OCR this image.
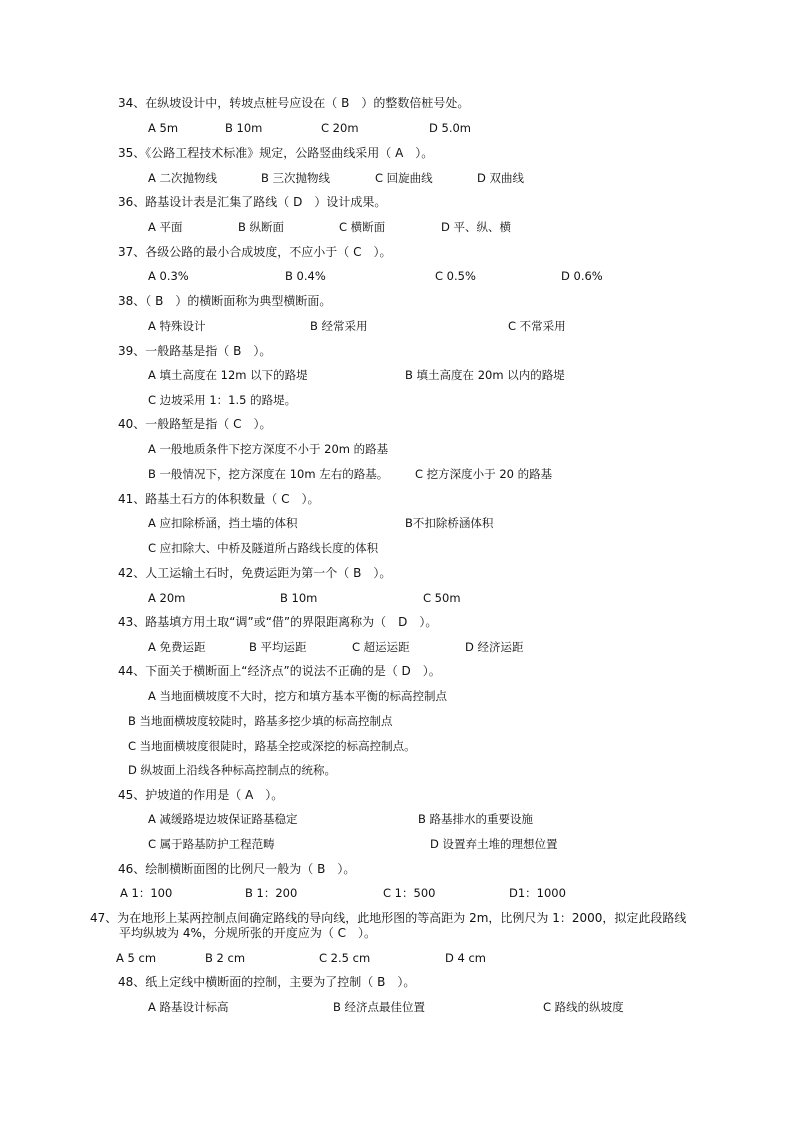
34、在纵坡设计中，转坡点桩号应设在（ B　）的整数倍桩号处。
A 5m	B 10m	C 20m	D 5.0m
35、《公路工程技术标准》规定，公路竖曲线采用（ A　）。
A 二次抛物线	B 三次抛物线	C 回旋曲线	D 双曲线
36、路基设计表是汇集了路线（ D　）设计成果。
A 平面	B 纵断面	C 横断面	D 平、纵、横
37、各级公路的最小合成坡度，不应小于（ C　）。
A 0.3%	B 0.4%	C 0.5%	D 0.6%
38、（ B　）的横断面称为典型横断面。
A 特殊设计	B 经常采用	C 不常采用
39、一般路基是指（ B　）。
A 填土高度在 12m 以下的路堤	B 填土高度在 20m 以内的路堤
C 边坡采用 1：1.5 的路堤。
40、一般路堑是指（ C　）。
A 一般地质条件下挖方深度不小于 20m 的路基
B 一般情况下，挖方深度在 10m 左右的路基。 C 挖方深度小于 20 的路基
41、路基土石方的体积数量（ C　）。
A 应扣除桥涵，挡土墙的体积	B不扣除桥涵体积
C 应扣除大、中桥及隧道所占路线长度的体积
42、人工运输土石时，免费运距为第一个（ B　）。
A 20m	B 10m	C 50m
43、路基填方用土取“调”或“借”的界限距离称为（　D　）。
A 免费运距	B 平均运距	C 超运运距	D 经济运距
44、下面关于横断面上“经济点”的说法不正确的是（ D　）。
A 当地面横坡度不大时，挖方和填方基本平衡的标高控制点
B 当地面横坡度较陡时，路基多挖少填的标高控制点
C 当地面横坡度很陡时，路基全挖或深挖的标高控制点。
D 纵坡面上沿线各种标高控制点的统称。
45、护坡道的作用是（ A　）。
A 减缓路堤边坡保证路基稳定	B 路基排水的重要设施
C 属于路基防护工程范畴	D 设置弃土堆的理想位置
46、绘制横断面图的比例尺一般为（ B　）。
A 1：100	B 1：200	C 1：500	D1：1000
47、为在地形上某两控制点间确定路线的导向线，此地形图的等高距为 2m，比例尺为 1：2000，拟定此段路线
平均纵坡为 4%，分规所张的开度应为（ C　）。
A 5 cm	B 2 cm	C 2.5 cm	D 4 cm
48、纸上定线中横断面的控制，主要为了控制（ B　）。
A 路基设计标高	B 经济点最佳位置	C 路线的纵坡度
